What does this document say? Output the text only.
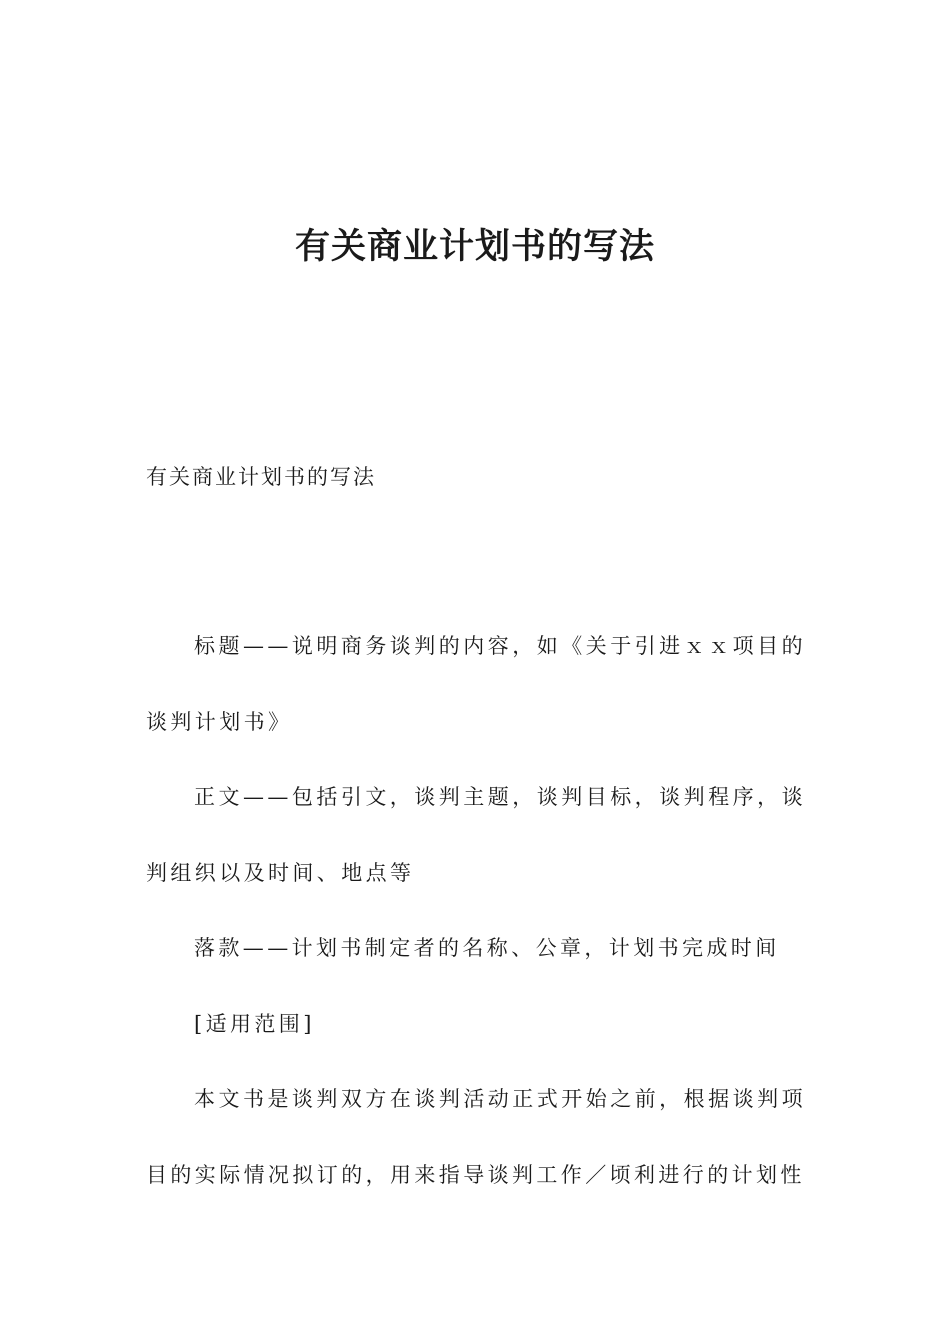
有关商业计划书的写法
有关商业计划书的写法

标题——说明商务谈判的内容，如《关于引进ｘｘ项目的谈判计划书》

正文——包括引文，谈判主题，谈判目标，谈判程序，谈判组织以及时间、地点等

落款——计划书制定者的名称、公章，计划书完成时间

[适用范围]

本文书是谈判双方在谈判活动正式开始之前，根据谈判项目的实际情况拟订的，用来指导谈判工作／顷利进行的计划性
